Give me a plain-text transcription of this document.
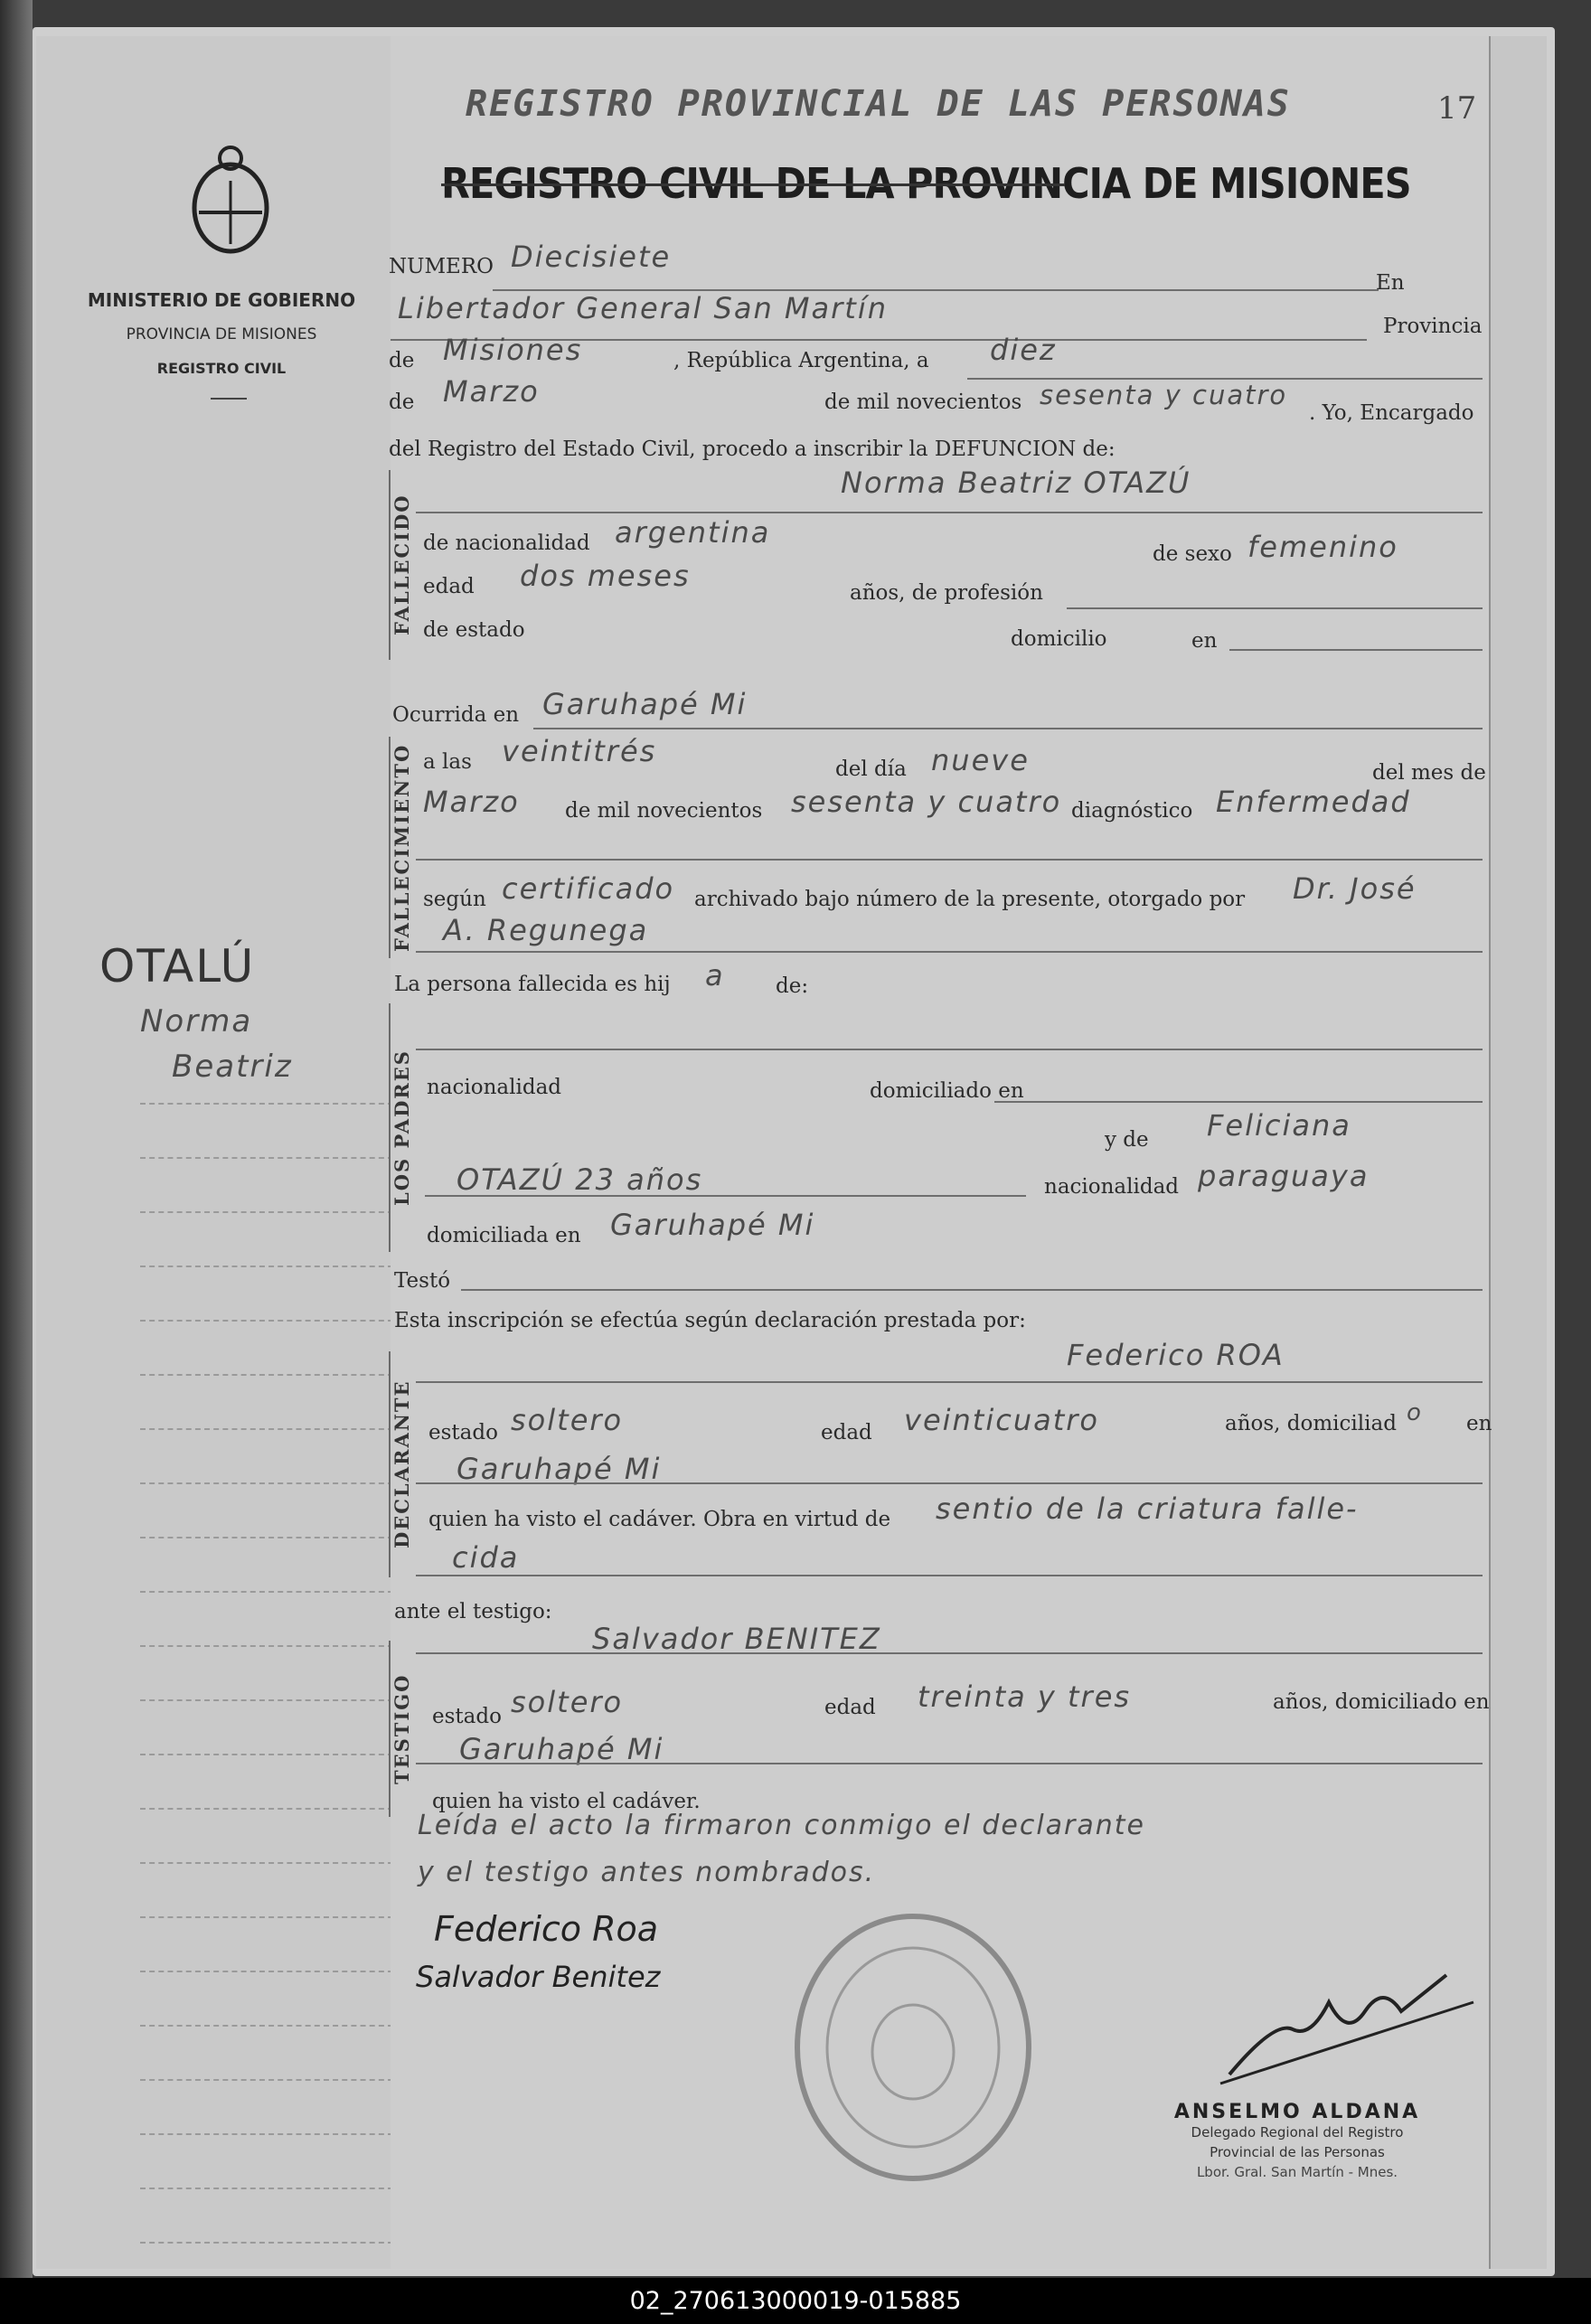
MINISTERIO DE GOBIERNO
PROVINCIA DE MISIONES
REGISTRO CIVIL
OTALÚ
Norma
Beatriz
17
REGISTRO PROVINCIAL DE LAS PERSONAS
REGISTRO CIVIL DE LA PROVINCIA DE MISIONES
NUMERO Diecisiete
En
Libertador General San Martín
Provincia
de Misiones	, República Argentina, a diez
de Marzo	de mil novecientos sesenta y cuatro
. Yo, Encargado
del Registro del Estado Civil, procedo a inscribir la DEFUNCION de:
FALLECIDO
Norma Beatriz OTAZÚ
de nacionalidad argentina
de sexo femenino
edad dos meses	años, de profesión
de estado	domicilio	en
Ocurrida en Garuhapé Mi
FALLECIMIENTO a las veintitrés
del día nueve	del mes de
Marzo de mil novecientos sesenta y cuatro diagnóstico Enfermedad
según certificado archivado bajo número de la presente, otorgado por Dr. José
A. Regunega
La persona fallecida es hij a de:
LOS PADRES nacionalidad	domiciliado en
y de Feliciana
OTAZÚ 23 años	nacionalidad paraguaya
domiciliada en Garuhapé Mi
Testó
Esta inscripción se efectúa según declaración prestada por:
DECLARANTE
Federico ROA
estado soltero	edad veinticuatro	años, domiciliad o en
Garuhapé Mi
quien ha visto el cadáver. Obra en virtud de sentio de la criatura falle-
cida
ante el testigo:
TESTIGO
Salvador BENITEZ
estado soltero	edad treinta y tres	años, domiciliado en
Garuhapé Mi
quien ha visto el cadáver.
Leída el acto la firmaron conmigo el declarante
y el testigo antes nombrados.
Federico Roa
Salvador Benitez
ANSELMO ALDANA
Delegado Regional del Registro
Provincial de las Personas
Lbor. Gral. San Martín - Mnes.
02_270613000019-015885
